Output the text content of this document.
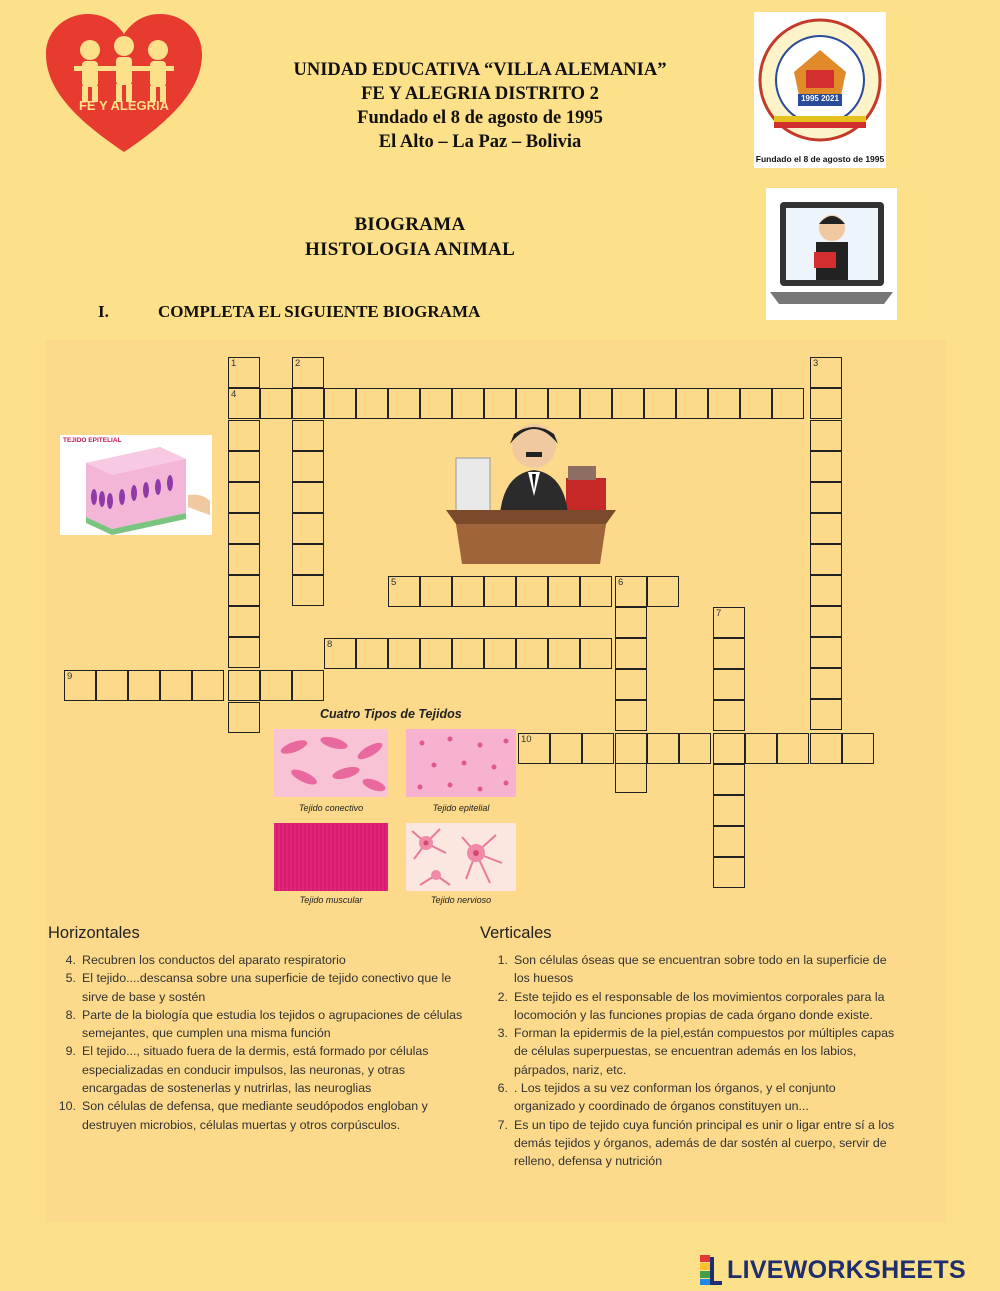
FE Y ALEGRIA
UNIDAD EDUCATIVA “VILLA ALEMANIA”
FE Y ALEGRIA DISTRITO 2
Fundado el 8 de agosto de 1995
El Alto – La Paz – Bolivia
1995 2021
Fundado el 8 de agosto de 1995
BIOGRAMA
HISTOLOGIA ANIMAL
I.	COMPLETA EL SIGUIENTE BIOGRAMA
TEJIDO EPITELIAL
1	2	3
4
5	6
7
8
9
10
Cuatro Tipos de Tejidos
Tejido conectivo	Tejido epitelial
Tejido muscular	Tejido nervioso
Horizontales
4. Recubren los conductos del aparato respiratorio
5. El tejido....descansa sobre una superficie de tejido conectivo que le sirve de base y sostén
8. Parte de la biología que estudia los tejidos o agrupaciones de células semejantes, que cumplen una misma función
9. El tejido..., situado fuera de la dermis, está formado por células especializadas en conducir impulsos, las neuronas, y otras encargadas de sostenerlas y nutrirlas, las neuroglias
10. Son células de defensa, que mediante seudópodos engloban y destruyen microbios, células muertas y otros corpúsculos.
Verticales
1. Son células óseas que se encuentran sobre todo en la superficie de los huesos
2. Este tejido es el responsable de los movimientos corporales para la locomoción y las funciones propias de cada órgano donde existe.
3. Forman la epidermis de la piel,están compuestos por múltiples capas de células superpuestas, se encuentran además en los labios, párpados, nariz, etc.
6. . Los tejidos a su vez conforman los órganos, y el conjunto organizado y coordinado de órganos constituyen un...
7. Es un tipo de tejido cuya función principal es unir o ligar entre sí a los demás tejidos y órganos, además de dar sostén al cuerpo, servir de relleno, defensa y nutrición
LIVEWORKSHEETS
